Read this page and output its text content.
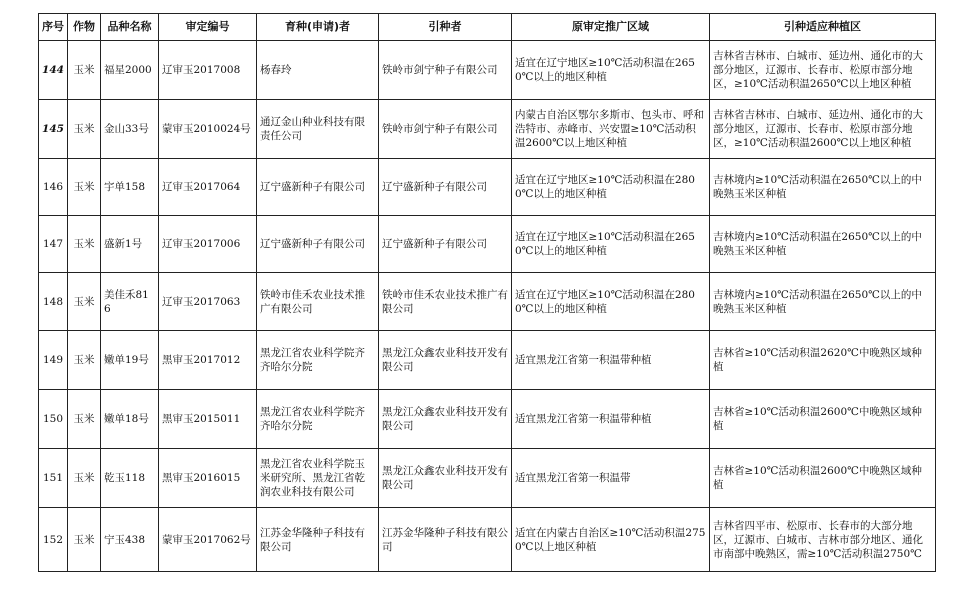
序号	作物	品种名称	审定编号	育种(申请)者	引种者	原审定推广区域	引种适应种植区
144	玉米	福星2000	辽审玉2017008	杨春玲	铁岭市剑宁种子有限公司	适宜在辽宁地区≥10℃活动积温在2650℃以上的地区种植	吉林省吉林市、白城市、延边州、通化市的大部分地区，辽源市、长春市、松原市部分地区，≥10℃活动积温2650℃以上地区种植
145	玉米	金山33号	蒙审玉2010024号	通辽金山种业科技有限责任公司	铁岭市剑宁种子有限公司	内蒙古自治区鄂尔多斯市、包头市、呼和浩特市、赤峰市、兴安盟≥10℃活动积温2600℃以上地区种植	吉林省吉林市、白城市、延边州、通化市的大部分地区，辽源市、长春市、松原市部分地区，≥10℃活动积温2600℃以上地区种植
146	玉米	宇单158	辽审玉2017064	辽宁盛新种子有限公司	辽宁盛新种子有限公司	适宜在辽宁地区≥10℃活动积温在2800℃以上的地区种植	吉林境内≥10℃活动积温在2650℃以上的中晚熟玉米区种植
147	玉米	盛新1号	辽审玉2017006	辽宁盛新种子有限公司	辽宁盛新种子有限公司	适宜在辽宁地区≥10℃活动积温在2650℃以上的地区种植	吉林境内≥10℃活动积温在2650℃以上的中晚熟玉米区种植
148	玉米	美佳禾816	辽审玉2017063	铁岭市佳禾农业技术推广有限公司	铁岭市佳禾农业技术推广有限公司	适宜在辽宁地区≥10℃活动积温在2800℃以上的地区种植	吉林境内≥10℃活动积温在2650℃以上的中晚熟玉米区种植
149	玉米	嫩单19号	黑审玉2017012	黑龙江省农业科学院齐齐哈尔分院	黑龙江众鑫农业科技开发有限公司	适宜黑龙江省第一积温带种植	吉林省≥10℃活动积温2620℃中晚熟区域种植
150	玉米	嫩单18号	黑审玉2015011	黑龙江省农业科学院齐齐哈尔分院	黑龙江众鑫农业科技开发有限公司	适宜黑龙江省第一积温带种植	吉林省≥10℃活动积温2600℃中晚熟区域种植
151	玉米	乾玉118	黑审玉2016015	黑龙江省农业科学院玉米研究所、黑龙江省乾润农业科技有限公司	黑龙江众鑫农业科技开发有限公司	适宜黑龙江省第一积温带	吉林省≥10℃活动积温2600℃中晚熟区域种植
152	玉米	宁玉438	蒙审玉2017062号	江苏金华隆种子科技有限公司	江苏金华隆种子科技有限公司	适宜在内蒙古自治区≥10℃活动积温2750℃以上地区种植	吉林省四平市、松原市、长春市的大部分地区，辽源市、白城市、吉林市部分地区、通化市南部中晚熟区，需≥10℃活动积温2750℃
